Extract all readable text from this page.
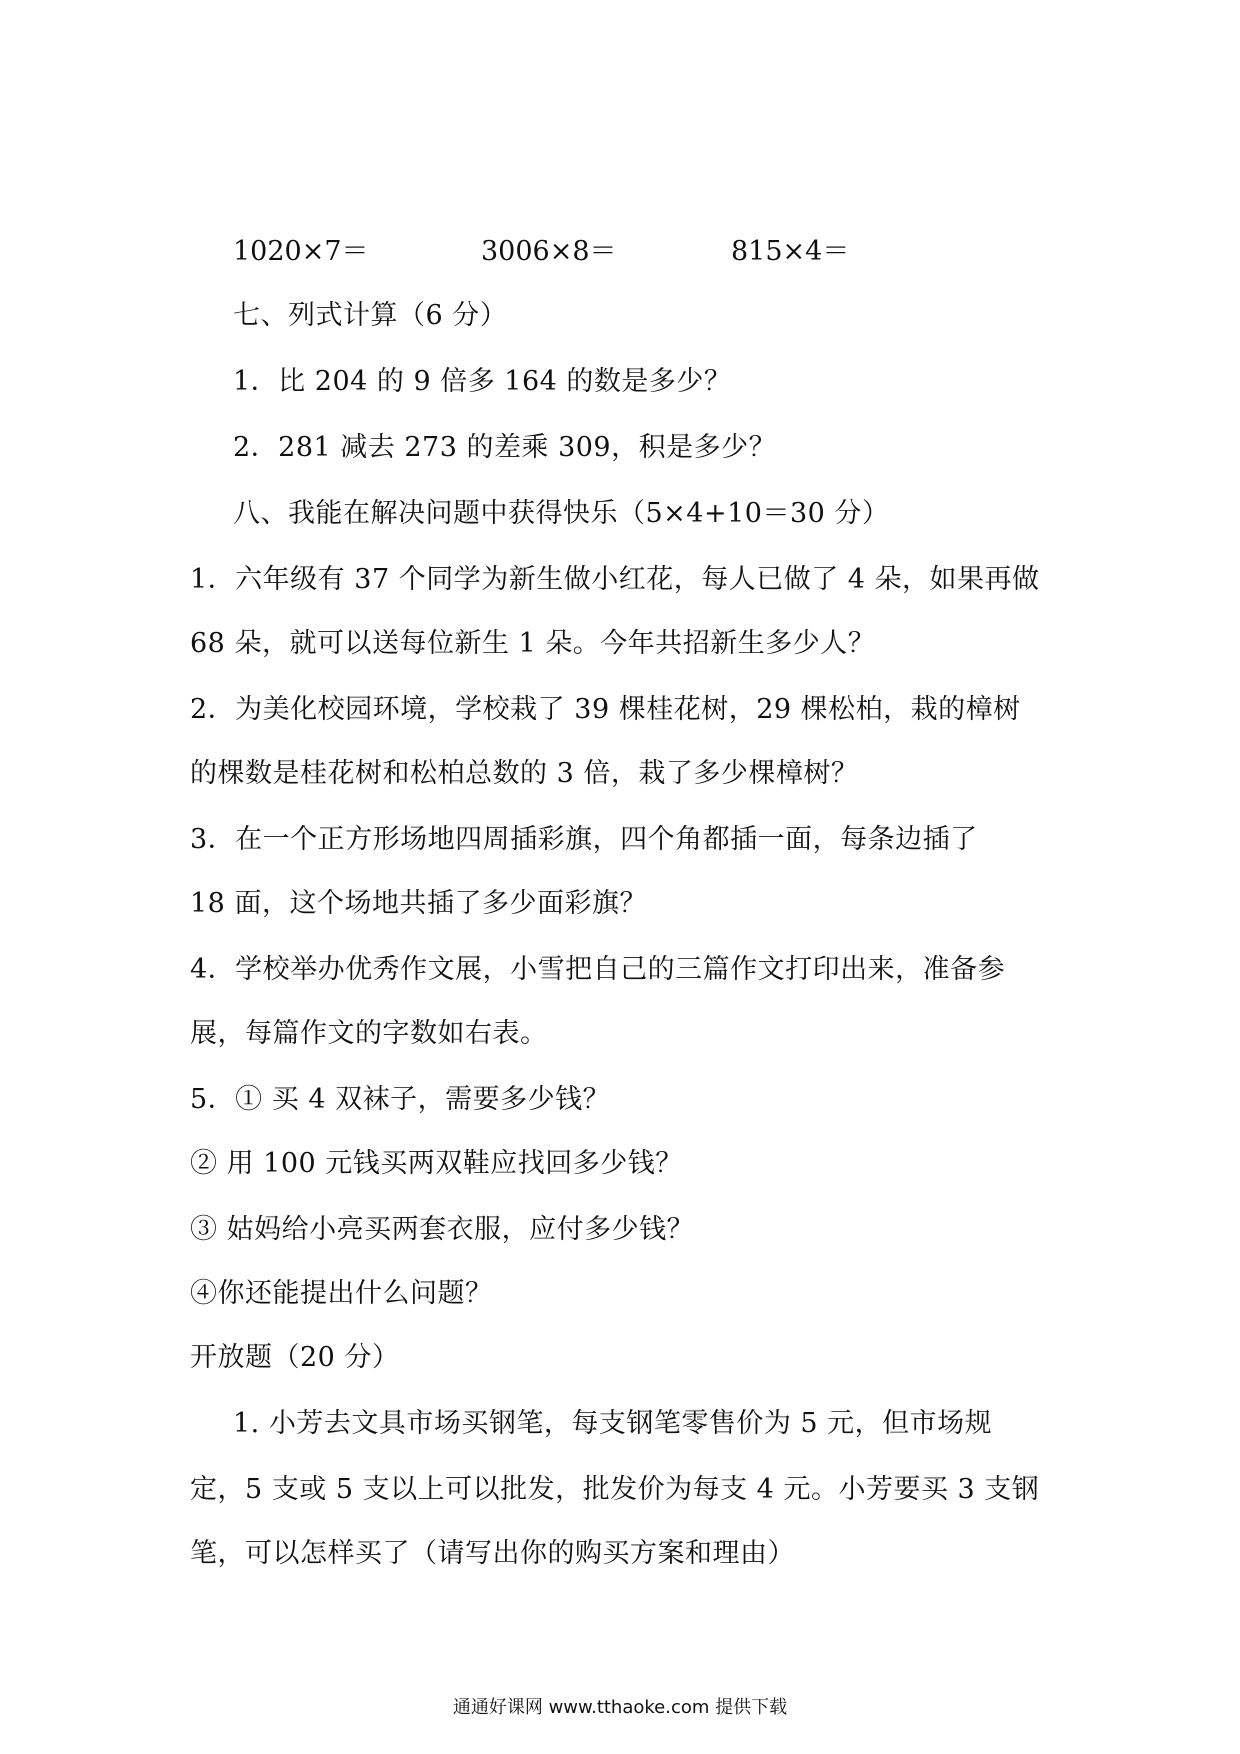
1020×7＝	3006×8＝	815×4＝
七、列式计算（6 分）
1．比 204 的 9 倍多 164 的数是多少？
2．281 减去 273 的差乘 309，积是多少？
八、我能在解决问题中获得快乐（5×4+10＝30 分）
1．六年级有 37 个同学为新生做小红花，每人已做了 4 朵，如果再做
68 朵，就可以送每位新生 1 朵。今年共招新生多少人？
2．为美化校园环境，学校栽了 39 棵桂花树，29 棵松柏，栽的樟树
的棵数是桂花树和松柏总数的 3 倍，栽了多少棵樟树？
3．在一个正方形场地四周插彩旗，四个角都插一面，每条边插了
18 面，这个场地共插了多少面彩旗？
4．学校举办优秀作文展，小雪把自己的三篇作文打印出来，准备参
展，每篇作文的字数如右表。
5．① 买 4 双袜子，需要多少钱？
② 用 100 元钱买两双鞋应找回多少钱？
③ 姑妈给小亮买两套衣服，应付多少钱？
④你还能提出什么问题？
开放题（20 分）
1. 小芳去文具市场买钢笔，每支钢笔零售价为 5 元，但市场规
定，5 支或 5 支以上可以批发，批发价为每支 4 元。小芳要买 3 支钢
笔，可以怎样买了（请写出你的购买方案和理由）
通通好课网 www.tthaoke.com 提供下载
